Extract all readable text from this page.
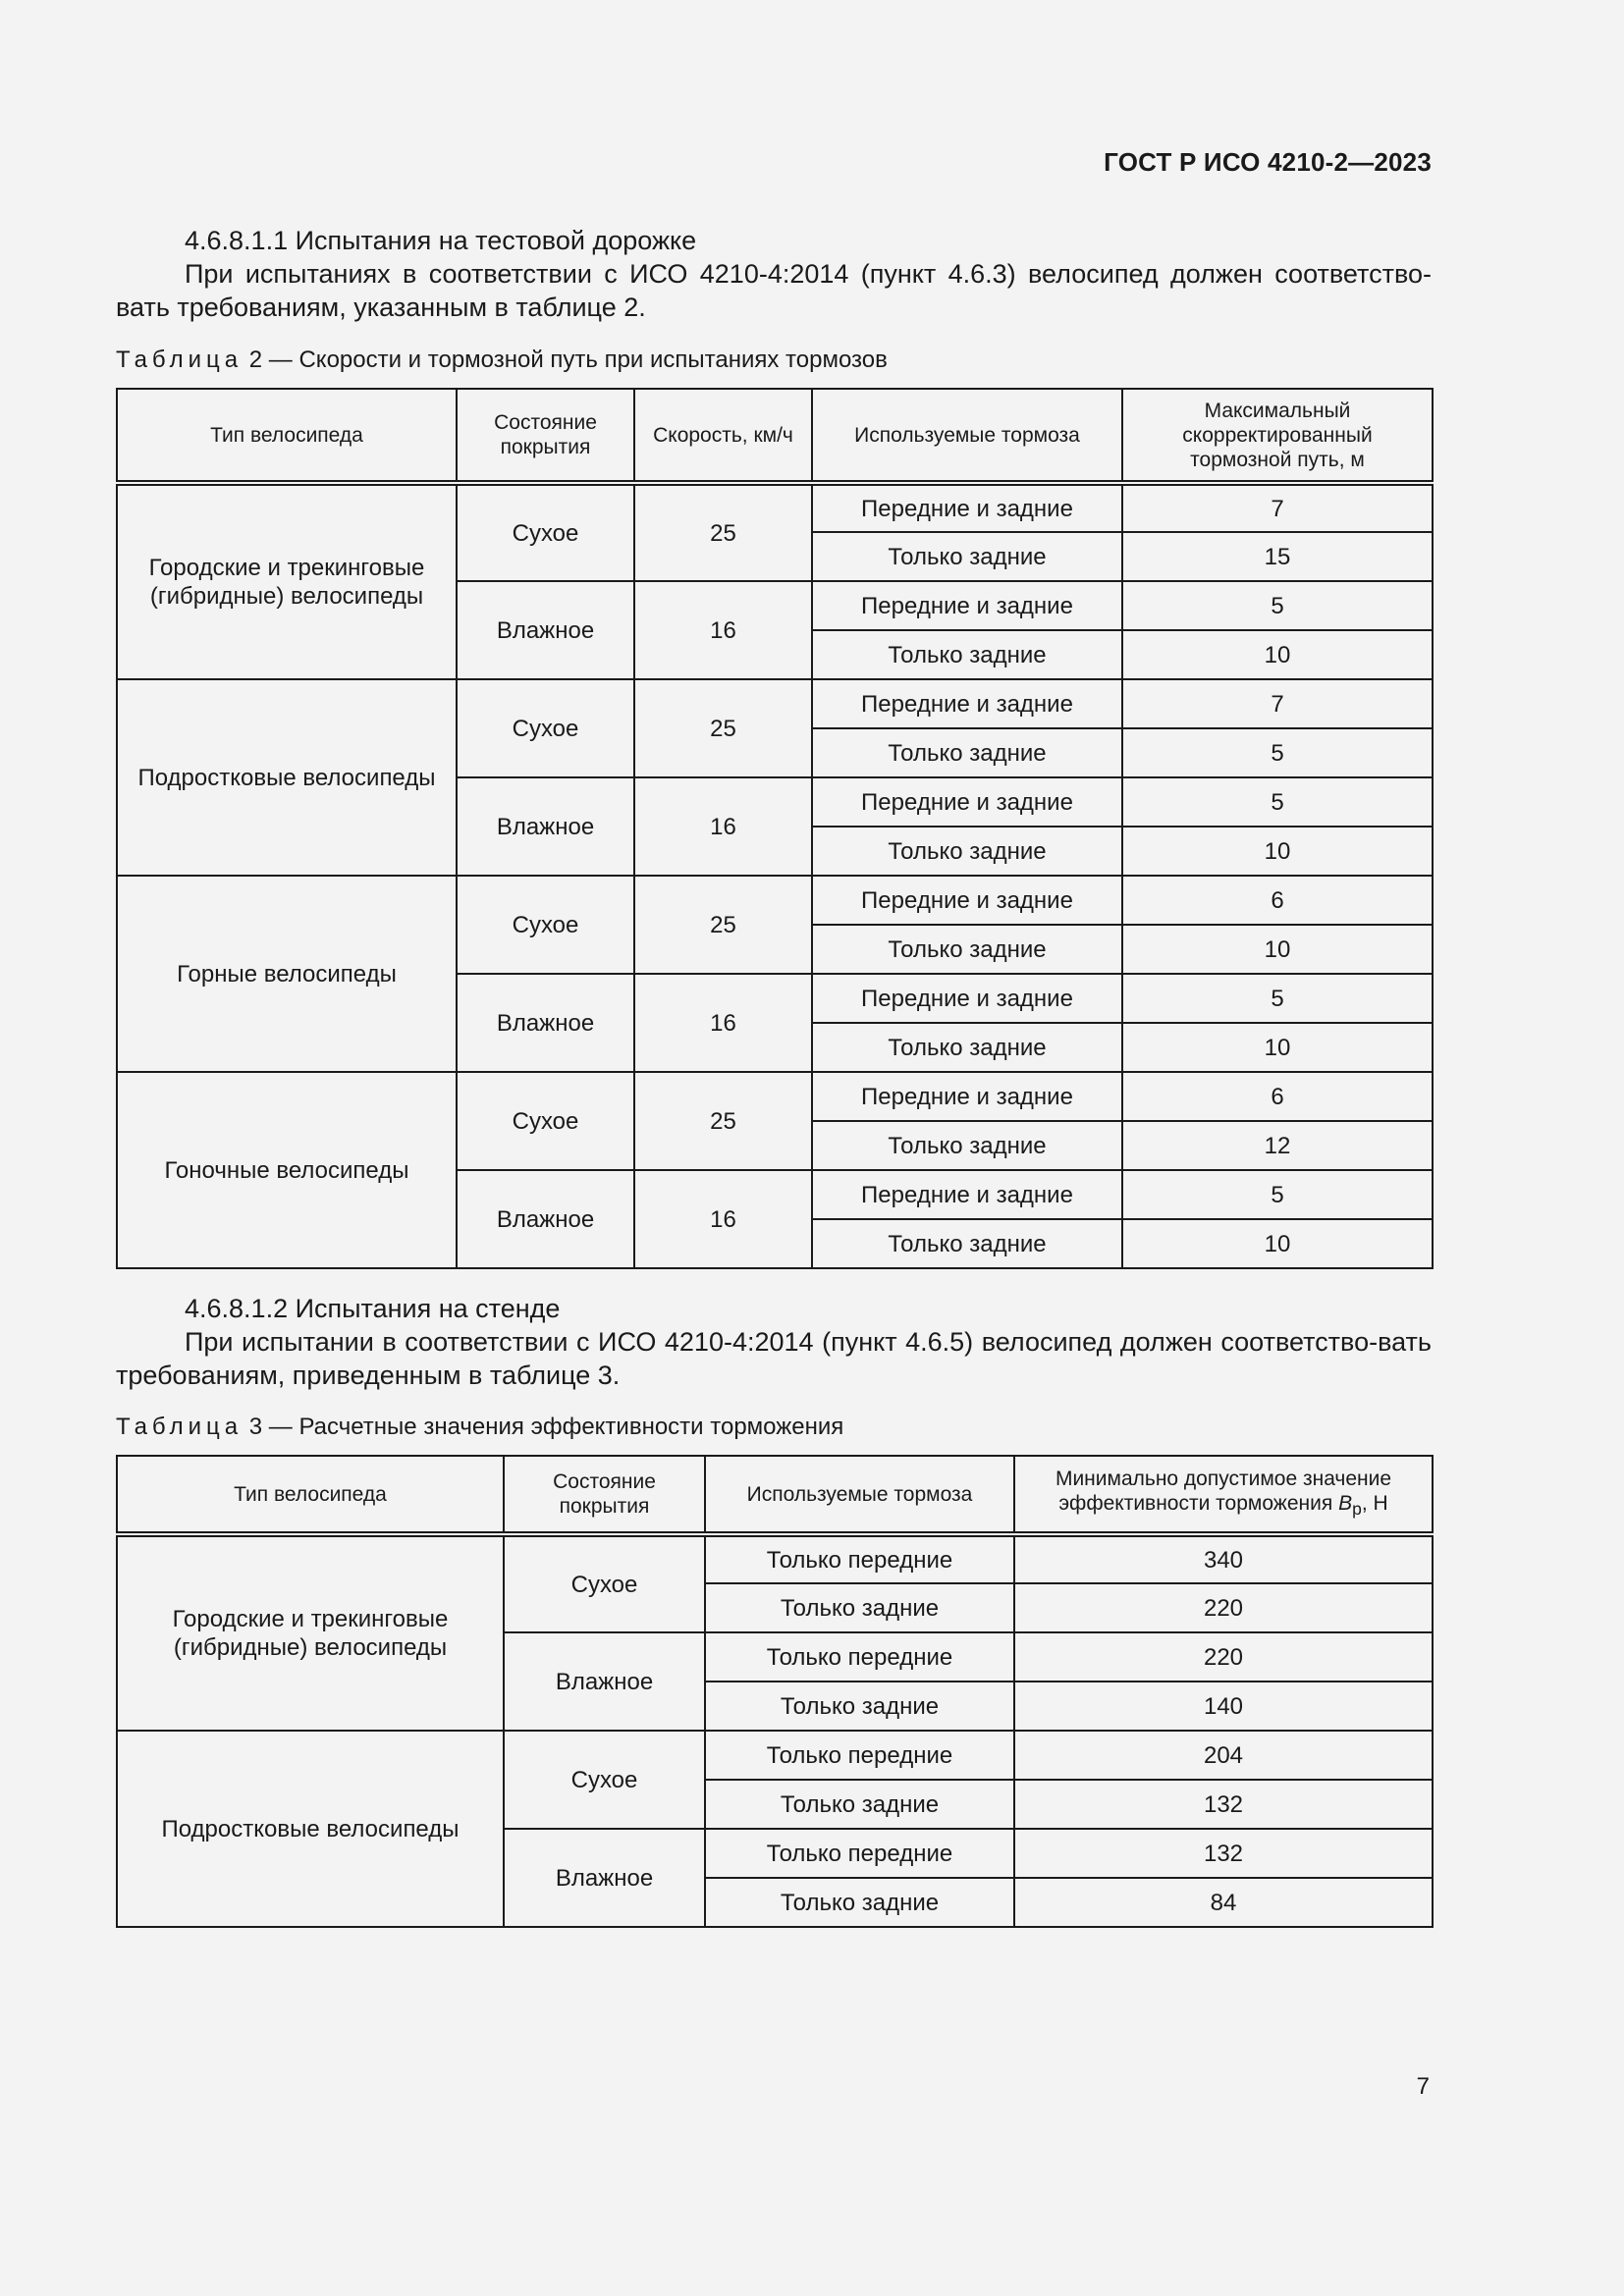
ГОСТ Р ИСО 4210-2—2023
4.6.8.1.1 Испытания на тестовой дорожке
При испытаниях в соответствии с ИСО 4210-4:2014 (пункт 4.6.3) велосипед должен соответство-вать требованиям, указанным в таблице 2.
Таблица 2 — Скорости и тормозной путь при испытаниях тормозов
Тип велосипеда	Состояние покрытия	Скорость, км/ч	Используемые тормоза	Максимальный скорректированный тормозной путь, м
Городские и трекинговые (гибридные) велосипеды	Сухое	25	Передние и задние	7
			Только задние	15
	Влажное	16	Передние и задние	5
			Только задние	10
Подростковые велосипеды	Сухое	25	Передние и задние	7
			Только задние	5
	Влажное	16	Передние и задние	5
			Только задние	10
Горные велосипеды	Сухое	25	Передние и задние	6
			Только задние	10
	Влажное	16	Передние и задние	5
			Только задние	10
Гоночные велосипеды	Сухое	25	Передние и задние	6
			Только задние	12
	Влажное	16	Передние и задние	5
			Только задние	10
4.6.8.1.2 Испытания на стенде
При испытании в соответствии с ИСО 4210-4:2014 (пункт 4.6.5) велосипед должен соответство-вать требованиям, приведенным в таблице 3.
Таблица 3 — Расчетные значения эффективности торможения
Тип велосипеда	Состояние покрытия	Используемые тормоза	Минимально допустимое значение эффективности торможения $B_p$, Н
Городские и трекинговые (гибридные) велосипеды	Сухое	Только передние	340
		Только задние	220
	Влажное	Только передние	220
		Только задние	140
Подростковые велосипеды	Сухое	Только передние	204
		Только задние	132
	Влажное	Только передние	132
		Только задние	84
7
